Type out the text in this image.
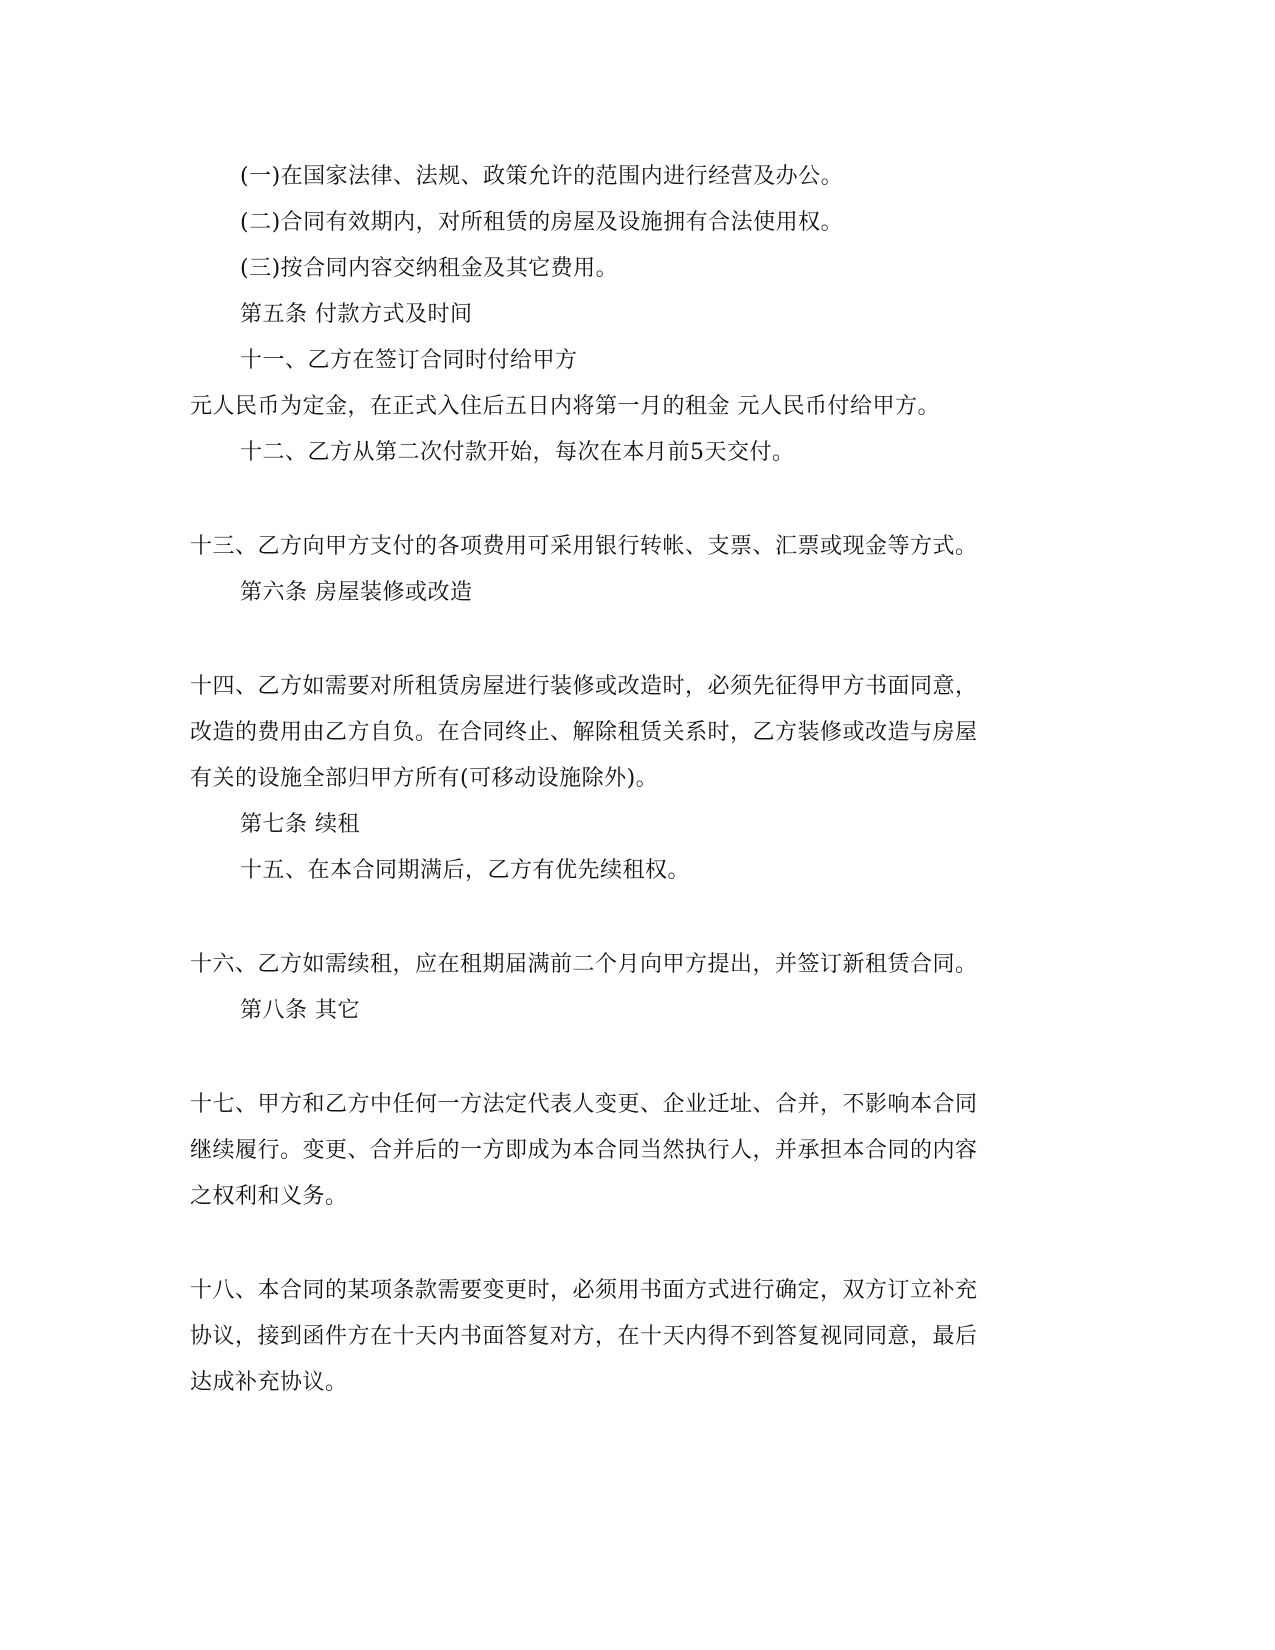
(一)在国家法律、法规、政策允许的范围内进行经营及办公。
(二)合同有效期内，对所租赁的房屋及设施拥有合法使用权。
(三)按合同内容交纳租金及其它费用。
第五条 付款方式及时间
十一、乙方在签订合同时付给甲方
元人民币为定金，在正式入住后五日内将第一月的租金 元人民币付给甲方。
十二、乙方从第二次付款开始，每次在本月前5天交付。
十三、乙方向甲方支付的各项费用可采用银行转帐、支票、汇票或现金等方式。
第六条 房屋装修或改造
十四、乙方如需要对所租赁房屋进行装修或改造时，必须先征得甲方书面同意，
改造的费用由乙方自负。在合同终止、解除租赁关系时，乙方装修或改造与房屋
有关的设施全部归甲方所有(可移动设施除外)。
第七条 续租
十五、在本合同期满后，乙方有优先续租权。
十六、乙方如需续租，应在租期届满前二个月向甲方提出，并签订新租赁合同。
第八条 其它
十七、甲方和乙方中任何一方法定代表人变更、企业迁址、合并，不影响本合同
继续履行。变更、合并后的一方即成为本合同当然执行人，并承担本合同的内容
之权利和义务。
十八、本合同的某项条款需要变更时，必须用书面方式进行确定，双方订立补充
协议，接到函件方在十天内书面答复对方，在十天内得不到答复视同同意，最后
达成补充协议。
